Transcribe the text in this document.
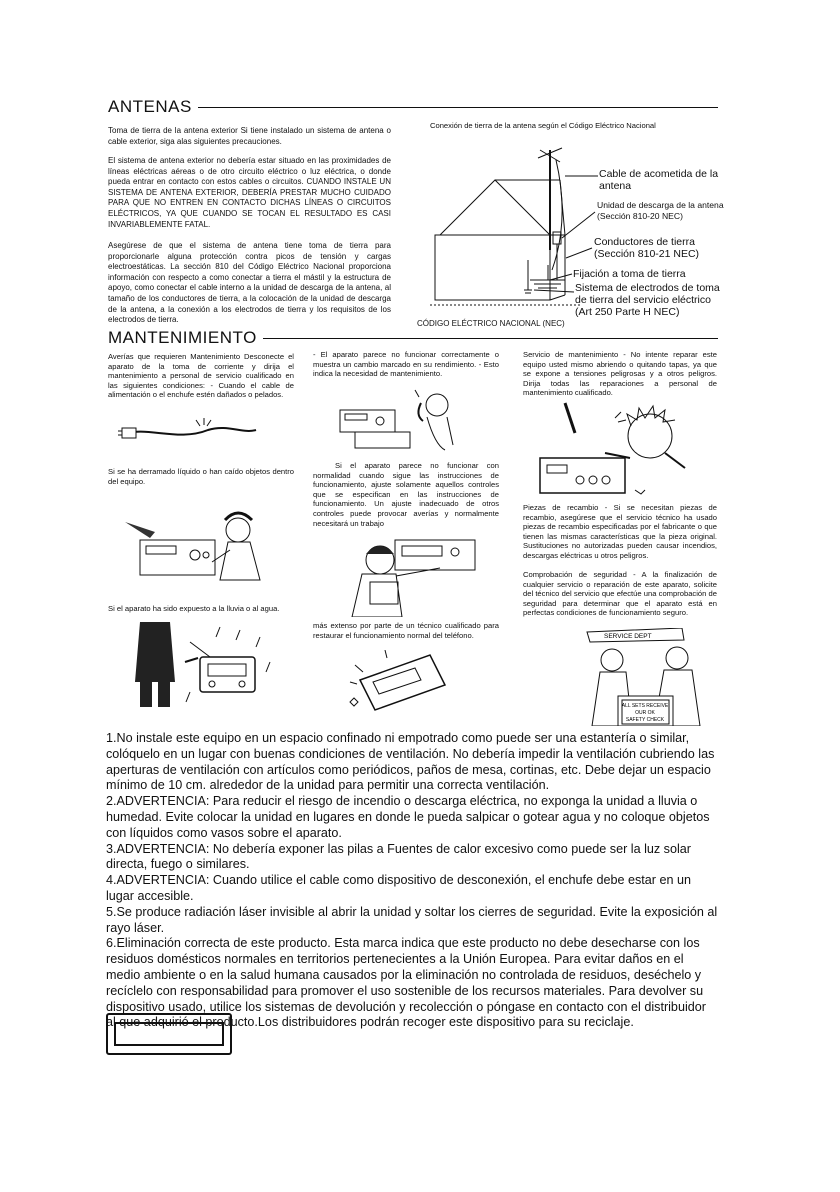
ANTENAS
Toma de tierra de la antena exterior Si tiene instalado un sistema de antena o cable exterior, siga alas siguientes precauciones.
El sistema de antena exterior no debería estar situado en las proximidades de líneas eléctricas aéreas o de otro circuito eléctrico o luz eléctrica, o donde pueda entrar en contacto con estos cables o circuitos. CUANDO INSTALE UN SISTEMA DE ANTENA EXTERIOR, DEBERÍA PRESTAR MUCHO CUIDADO PARA QUE NO ENTREN EN CONTACTO DICHAS LÍNEAS O CIRCUITOS ELÉCTRICOS, YA QUE CUANDO SE TOCAN EL RESULTADO ES CASI INVARIABLEMENTE FATAL.
Asegúrese de que el sistema de antena tiene toma de tierra para proporcionarle alguna protección contra picos de tensión y cargas electroestáticas. La sección 810 del Código Eléctrico Nacional proporciona información con respecto a como conectar a tierra el mástil y la estructura de apoyo, como conectar el cable interno a la unidad de descarga de la antena, al tamaño de los conductores de tierra, a la colocación de la unidad de descarga de la antena, a la conexión a los electrodos de tierra y los requisitos de los electrodos de tierra.
Conexión de tierra de la antena según el Código Eléctrico Nacional
Cable de acometida de la antena
Unidad de descarga de la antena (Sección 810-20 NEC)
Conductores de tierra (Sección 810-21 NEC)
Fijación a toma de tierra
Sistema de electrodos de toma de tierra del servicio eléctrico (Art 250 Parte H NEC)
CÓDIGO ELÉCTRICO NACIONAL (NEC)
MANTENIMIENTO
Averías que requieren Mantenimiento Desconecte el aparato de la toma de corriente y dirija el mantenimiento a personal de servicio cualificado en las siguientes condiciones: - Cuando el cable de alimentación o el enchufe estén dañados o pelados.
Si se ha derramado líquido o han caído objetos dentro del equipo.
Si el aparato ha sido expuesto a la lluvia o al agua.
- El aparato parece no funcionar correctamente o muestra un cambio marcado en su rendimiento. - Esto indica la necesidad de mantenimiento.
Si el aparato parece no funcionar con normalidad cuando sigue las instrucciones de funcionamiento, ajuste solamente aquellos controles que se especifican en las instrucciones de funcionamiento. Un ajuste inadecuado de otros controles puede provocar averías y normalmente necesitará un trabajo
más extenso por parte de un técnico cualificado para restaurar el funcionamiento normal del teléfono.
Servicio de mantenimiento - No intente reparar este equipo usted mismo abriendo o quitando tapas, ya que se expone a tensiones peligrosas y a otros peligros. Dirija todas las reparaciones a personal de mantenimiento cualificado.
Piezas de recambio - Si se necesitan piezas de recambio, asegúrese que el servicio técnico ha usado piezas de recambio especificadas por el fabricante o que tienen las mismas características que la pieza original. Sustituciones no autorizadas pueden causar incendios, descargas eléctricas u otros peligros.
Comprobación de seguridad - A la finalización de cualquier servicio o reparación de este aparato, solicite del técnico del servicio que efectúe una comprobación de seguridad para determinar que el aparato está en perfectas condiciones de funcionamiento seguro.
SERVICE DEPT
ALL SETS RECEIVE
OUR OK
SAFETY CHECK

1.No instale este equipo en un espacio confinado ni empotrado como puede ser una estantería o similar, colóquelo en un lugar con buenas condiciones de ventilación. No debería impedir la ventilación cubriendo las aperturas de ventilación con artículos como periódicos, paños de mesa, cortinas, etc. Debe dejar un espacio mínimo de 10 cm. alrededor de la unidad para permitir una correcta ventilación.

2.ADVERTENCIA: Para reducir el riesgo de incendio o descarga eléctrica, no exponga la unidad a lluvia o humedad. Evite colocar la unidad en lugares en donde le pueda salpicar o gotear agua y no coloque objetos con líquidos como vasos sobre el aparato.

3.ADVERTENCIA: No debería exponer las pilas a Fuentes de calor excesivo como puede ser la luz solar directa, fuego o similares.

4.ADVERTENCIA: Cuando utilice el cable como dispositivo de desconexión, el enchufe debe estar en un lugar accesible.

5.Se produce radiación láser invisible al abrir la unidad y soltar los cierres de seguridad. Evite la exposición al rayo láser.

6.Eliminación correcta de este producto. Esta marca indica que este producto no debe desecharse con los residuos domésticos normales en territorios pertenecientes a la Unión Europea. Para evitar daños en el medio ambiente o en la salud humana causados por la eliminación no controlada de residuos, deséchelo y recíclelo con responsabilidad para promover el uso sostenible de los recursos materiales. Para devolver su dispositivo usado, utilice los sistemas de devolución y recolección o póngase en contacto con el distribuidor al que adquirió el producto.Los distribuidores podrán recoger este dispositivo para su reciclaje.
